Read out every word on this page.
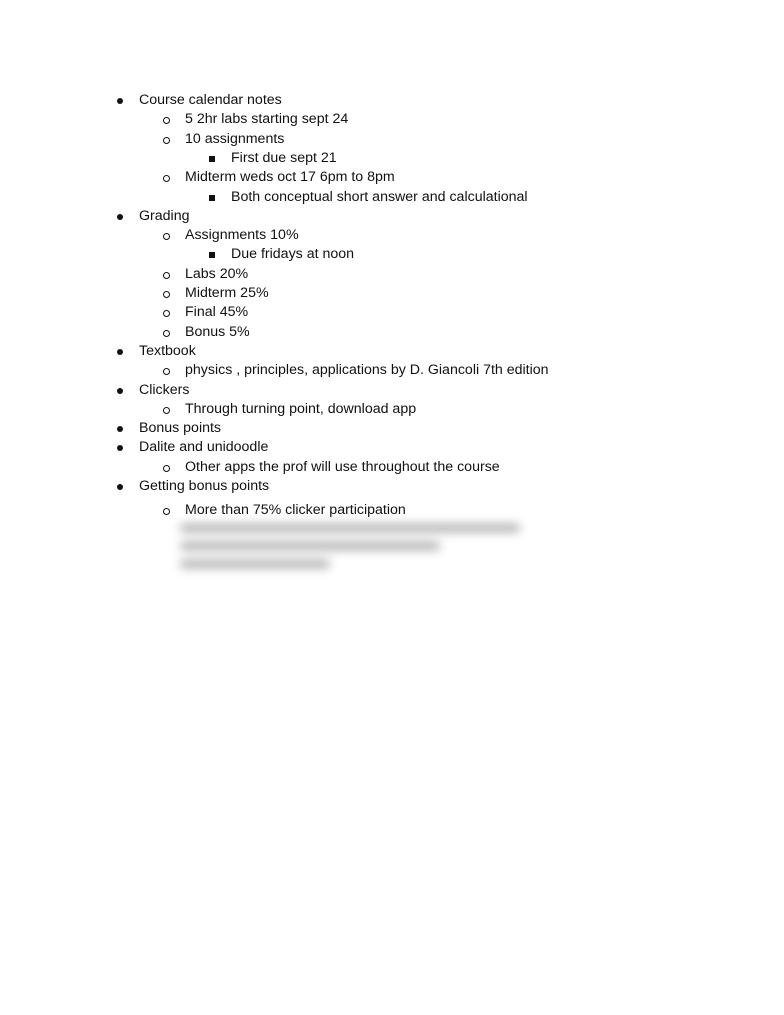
Course calendar notes
5 2hr labs starting sept 24
10 assignments
First due sept 21
Midterm weds oct 17 6pm to 8pm
Both conceptual short answer and calculational
Grading
Assignments 10%
Due fridays at noon
Labs 20%
Midterm 25%
Final 45%
Bonus 5%
Textbook
physics , principles, applications by D. Giancoli 7th edition
Clickers
Through turning point, download app
Bonus points
Dalite and unidoodle
Other apps the prof will use throughout the course
Getting bonus points
More than 75% clicker participation
